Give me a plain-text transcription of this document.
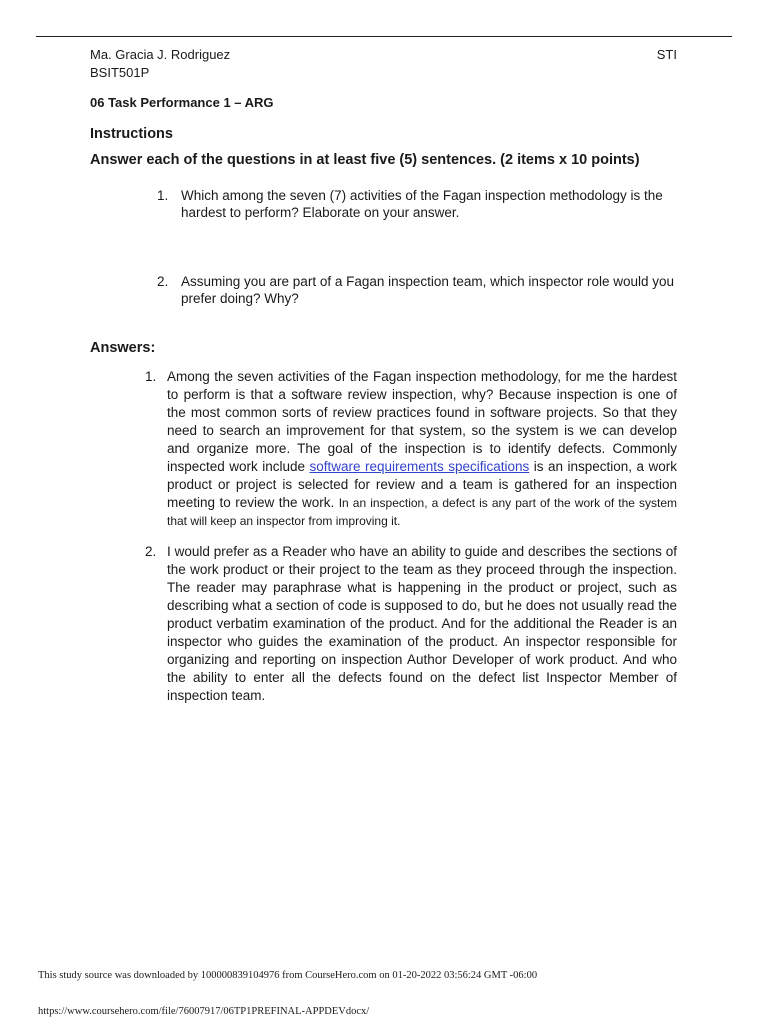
Ma. Gracia J. Rodriguez
BSIT501P
STI
06 Task Performance 1 – ARG
Instructions
Answer each of the questions in at least five (5) sentences. (2 items x 10 points)
1. Which among the seven (7) activities of the Fagan inspection methodology is the hardest to perform? Elaborate on your answer.
2. Assuming you are part of a Fagan inspection team, which inspector role would you prefer doing? Why?
Answers:
1. Among the seven activities of the Fagan inspection methodology, for me the hardest to perform is that a software review inspection, why? Because inspection is one of the most common sorts of review practices found in software projects. So that they need to search an improvement for that system, so the system is we can develop and organize more. The goal of the inspection is to identify defects. Commonly inspected work include software requirements specifications is an inspection, a work product or project is selected for review and a team is gathered for an inspection meeting to review the work. In an inspection, a defect is any part of the work of the system that will keep an inspector from improving it.
2. I would prefer as a Reader who have an ability to guide and describes the sections of the work product or their project to the team as they proceed through the inspection. The reader may paraphrase what is happening in the product or project, such as describing what a section of code is supposed to do, but he does not usually read the product verbatim examination of the product. And for the additional the Reader is an inspector who guides the examination of the product. An inspector responsible for organizing and reporting on inspection Author Developer of work product. And who the ability to enter all the defects found on the defect list Inspector Member of inspection team.
This study source was downloaded by 100000839104976 from CourseHero.com on 01-20-2022 03:56:24 GMT -06:00
https://www.coursehero.com/file/76007917/06TP1PREFINAL-APPDEVdocx/
